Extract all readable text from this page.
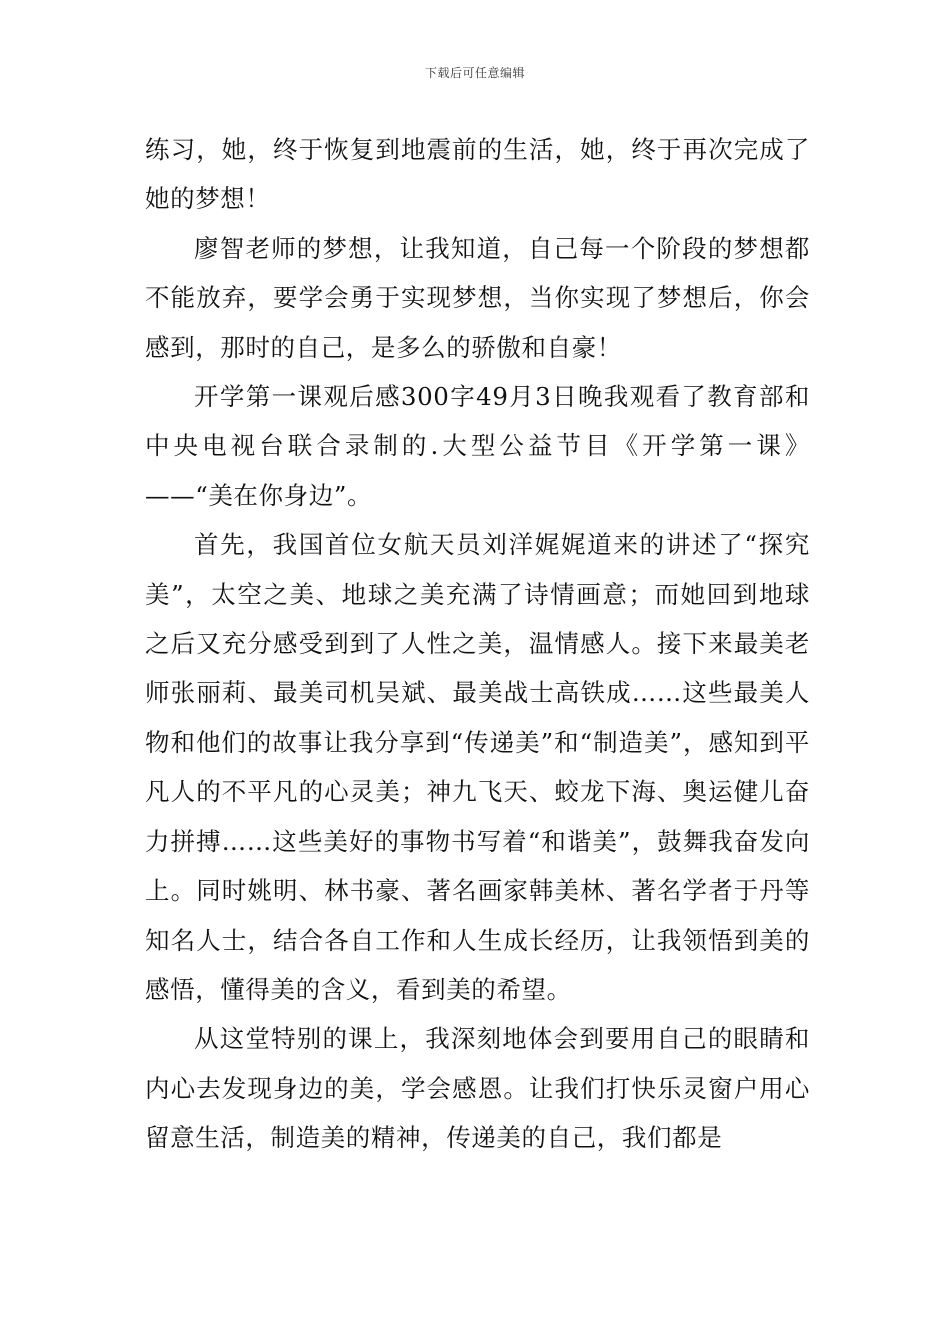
下载后可任意编辑

练习，她，终于恢复到地震前的生活，她，终于再次完成了她的梦想！

廖智老师的梦想，让我知道，自己每一个阶段的梦想都不能放弃，要学会勇于实现梦想，当你实现了梦想后，你会感到，那时的自己，是多么的骄傲和自豪！

开学第一课观后感300字49月3日晚我观看了教育部和中央电视台联合录制的.大型公益节目《开学第一课》——“美在你身边”。

首先，我国首位女航天员刘洋娓娓道来的讲述了“探究美”，太空之美、地球之美充满了诗情画意；而她回到地球之后又充分感受到到了人性之美，温情感人。接下来最美老师张丽莉、最美司机吴斌、最美战士高铁成……这些最美人物和他们的故事让我分享到“传递美”和“制造美”，感知到平凡人的不平凡的心灵美；神九飞天、蛟龙下海、奥运健儿奋力拼搏……这些美好的事物书写着“和谐美”，鼓舞我奋发向上。同时姚明、林书豪、著名画家韩美林、著名学者于丹等知名人士，结合各自工作和人生成长经历，让我领悟到美的感悟，懂得美的含义，看到美的希望。

从这堂特别的课上，我深刻地体会到要用自己的眼睛和内心去发现身边的美，学会感恩。让我们打快乐灵窗户用心留意生活，制造美的精神，传递美的自己，我们都是
